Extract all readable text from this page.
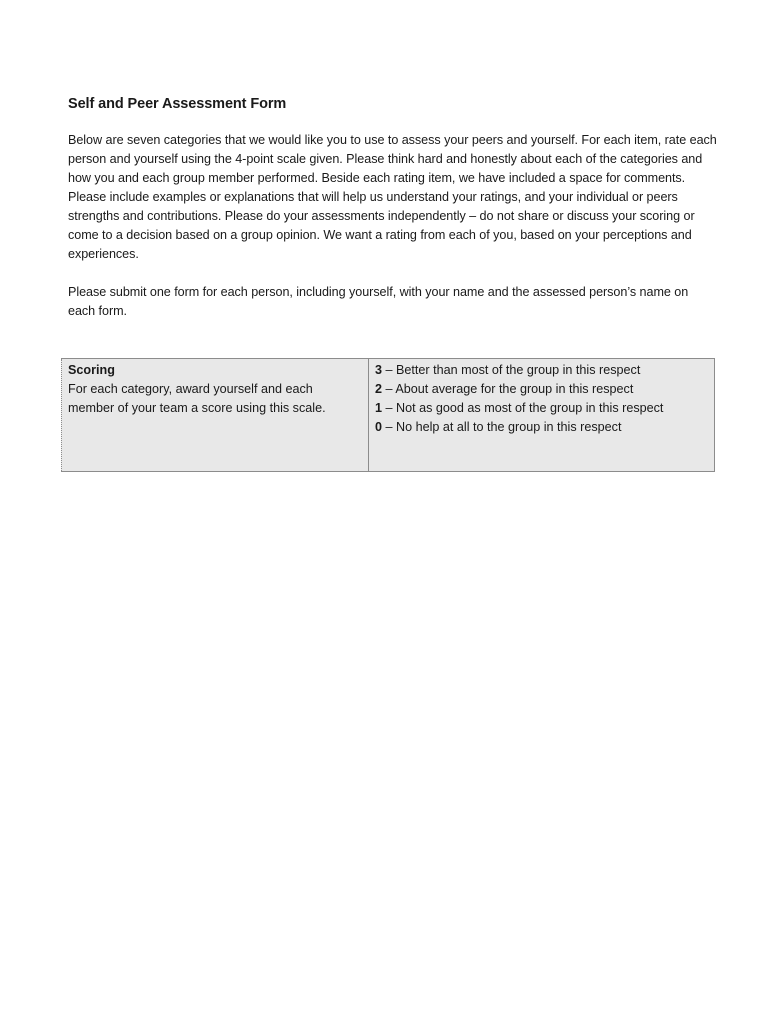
Self and Peer Assessment Form

Below are seven categories that we would like you to use to assess your peers and yourself. For each item, rate each person and yourself using the 4-point scale given. Please think hard and honestly about each of the categories and how you and each group member performed. Beside each rating item, we have included a space for comments. Please include examples or explanations that will help us understand your ratings, and your individual or peers strengths and contributions. Please do your assessments independently – do not share or discuss your scoring or come to a decision based on a group opinion. We want a rating from each of you, based on your perceptions and experiences.

Please submit one form for each person, including yourself, with your name and the assessed person’s name on each form.

Scoring
For each category, award yourself and each member of your team a score using this scale.

3 – Better than most of the group in this respect
2 – About average for the group in this respect
1 – Not as good as most of the group in this respect
0 – No help at all to the group in this respect
